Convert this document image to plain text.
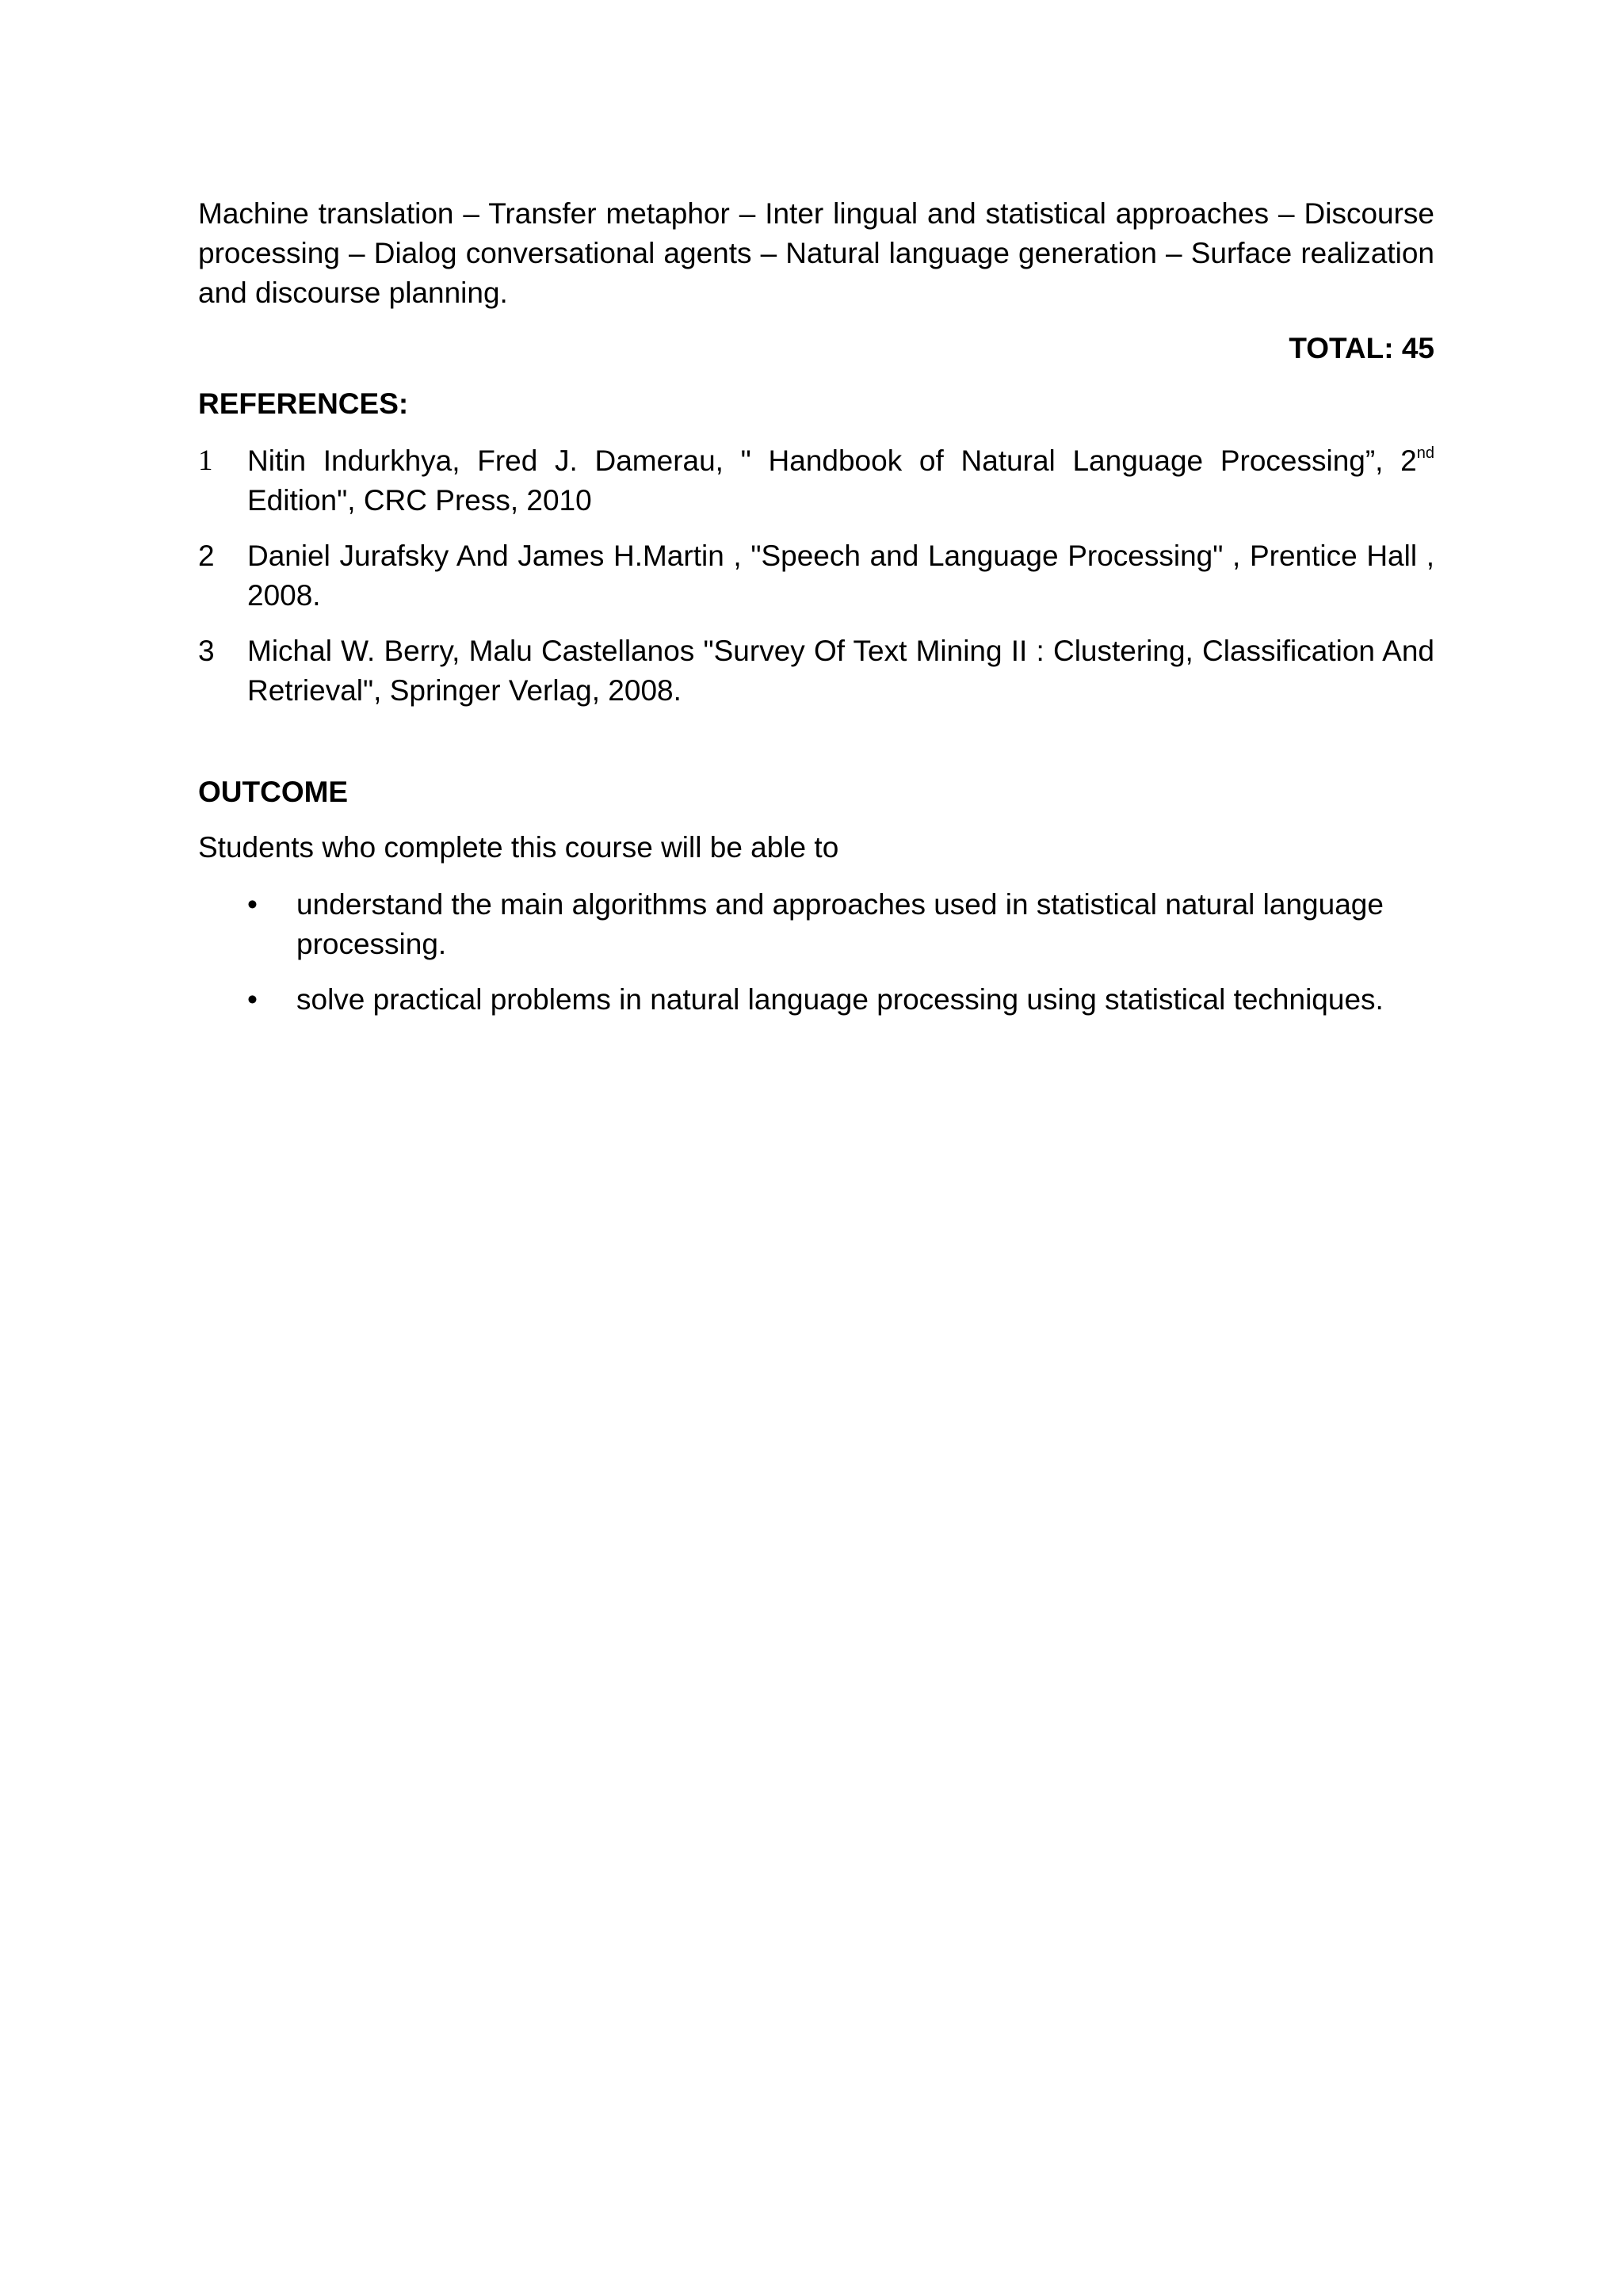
Machine translation – Transfer metaphor – Inter lingual and statistical approaches – Discourse processing – Dialog conversational agents – Natural language generation – Surface realization and discourse planning.

TOTAL: 45

REFERENCES:

1 Nitin Indurkhya, Fred J. Damerau, " Handbook of Natural Language Processing”, 2nd Edition", CRC Press, 2010
2 Daniel Jurafsky And James H.Martin , "Speech and Language Processing" , Prentice Hall , 2008.
3 Michal W. Berry, Malu Castellanos "Survey Of Text Mining II : Clustering, Classification And Retrieval", Springer Verlag, 2008.

OUTCOME

Students who complete this course will be able to

• understand the main algorithms and approaches used in statistical natural language processing.
• solve practical problems in natural language processing using statistical techniques.
